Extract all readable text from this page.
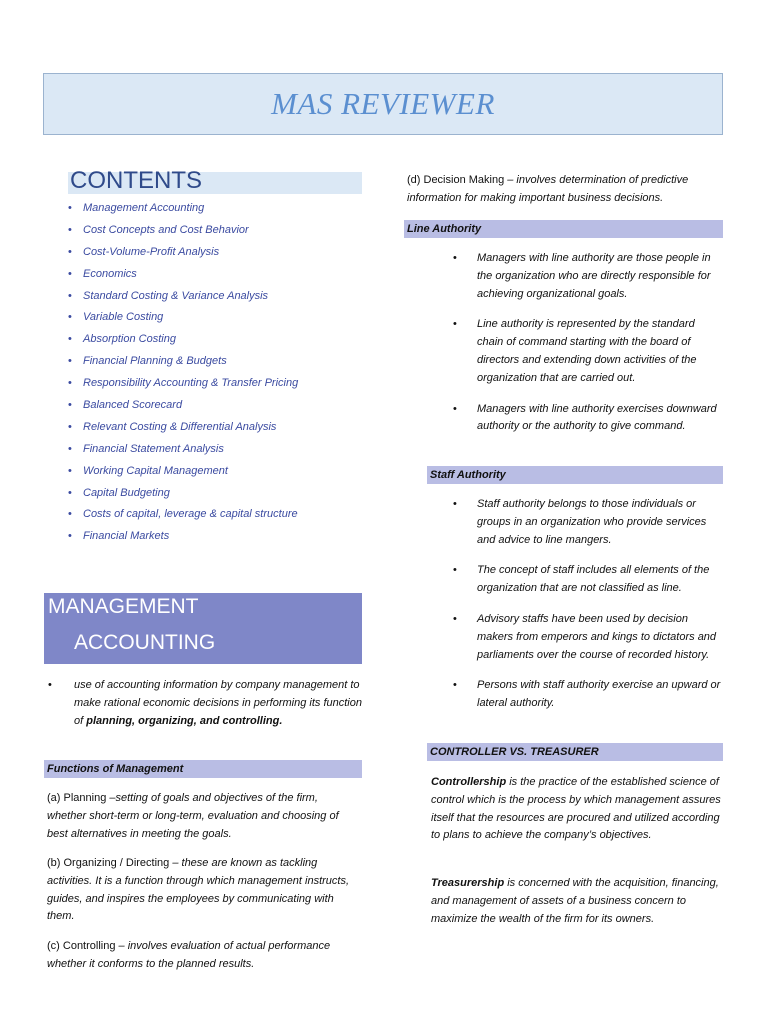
MAS REVIEWER
CONTENTS
• Management Accounting
• Cost Concepts and Cost Behavior
• Cost-Volume-Profit Analysis
• Economics
• Standard Costing & Variance Analysis
• Variable Costing
• Absorption Costing
• Financial Planning & Budgets
• Responsibility Accounting & Transfer Pricing
• Balanced Scorecard
• Relevant Costing & Differential Analysis
• Financial Statement Analysis
• Working Capital Management
• Capital Budgeting
• Costs of capital, leverage & capital structure
• Financial Markets
MANAGEMENT
ACCOUNTING
• use of accounting information by company management to make rational economic decisions in performing its function of planning, organizing, and controlling.
Functions of Management
(a) Planning –setting of goals and objectives of the firm, whether short-term or long-term, evaluation and choosing of best alternatives in meeting the goals.
(b) Organizing / Directing – these are known as tackling activities. It is a function through which management instructs, guides, and inspires the employees by communicating with them.
(c) Controlling – involves evaluation of actual performance whether it conforms to the planned results.
(d) Decision Making – involves determination of predictive information for making important business decisions.
Line Authority
• Managers with line authority are those people in the organization who are directly responsible for achieving organizational goals.
• Line authority is represented by the standard chain of command starting with the board of directors and extending down activities of the organization that are carried out.
• Managers with line authority exercises downward authority or the authority to give command.
Staff Authority
• Staff authority belongs to those individuals or groups in an organization who provide services and advice to line mangers.
• The concept of staff includes all elements of the organization that are not classified as line.
• Advisory staffs have been used by decision makers from emperors and kings to dictators and parliaments over the course of recorded history.
• Persons with staff authority exercise an upward or lateral authority.
CONTROLLER VS. TREASURER
Controllership is the practice of the established science of control which is the process by which management assures itself that the resources are procured and utilized according to plans to achieve the company’s objectives.
Treasurership is concerned with the acquisition, financing, and management of assets of a business concern to maximize the wealth of the firm for its owners.
